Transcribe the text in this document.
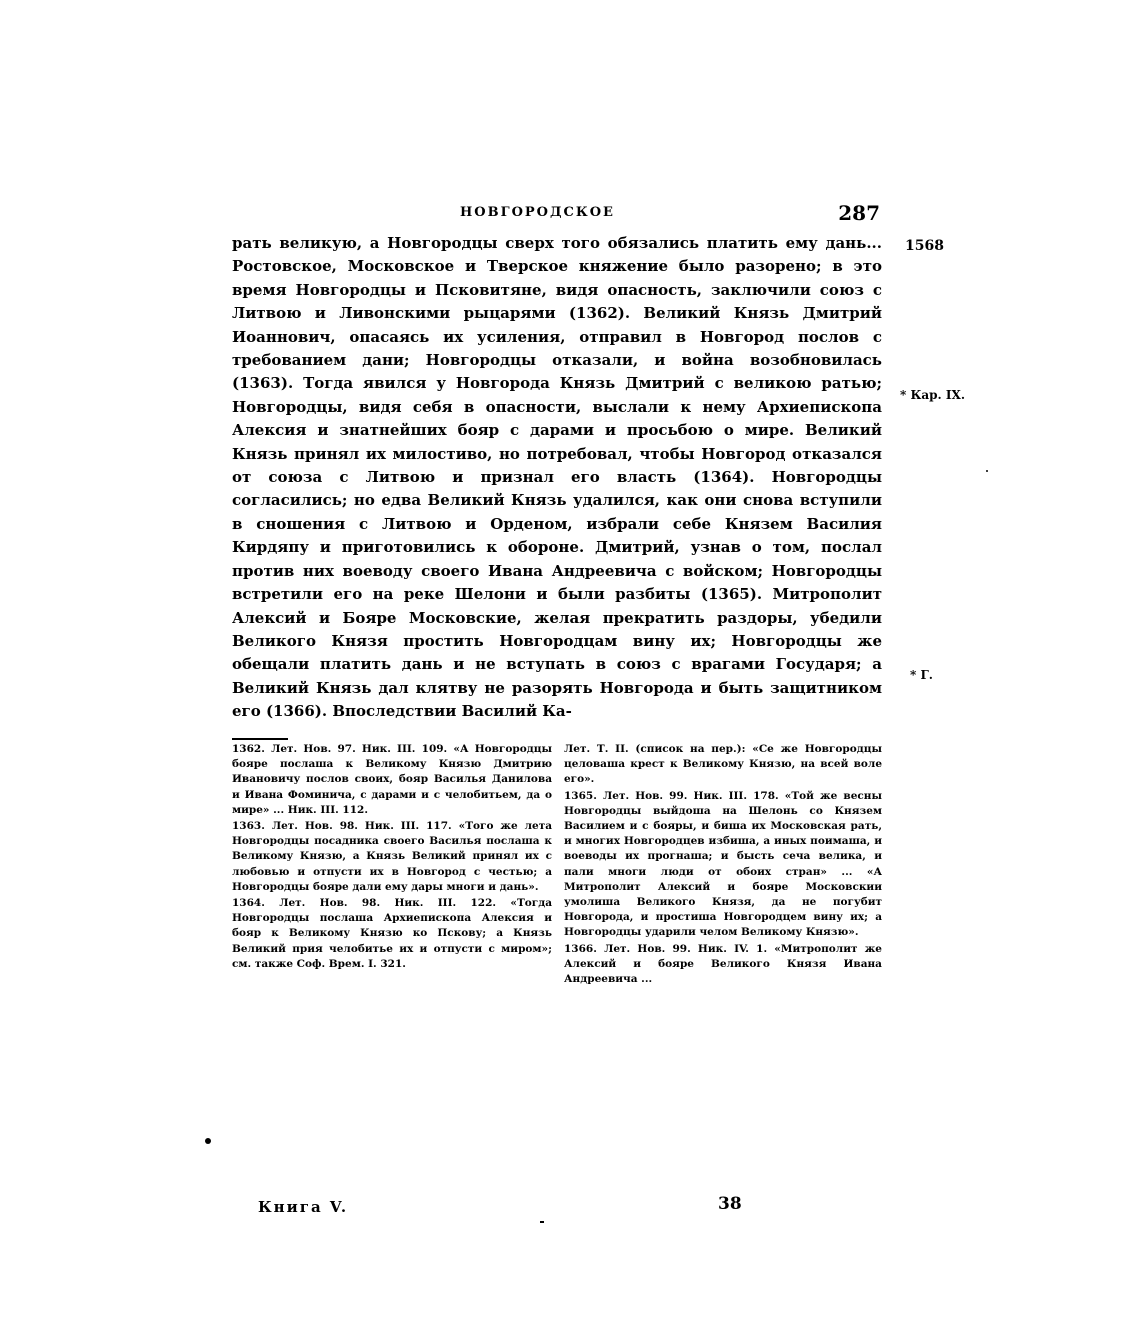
НОВГОРОДСКОЕ	287
1568
* Кар. IX.
* Г.

рать великую, а Новгородцы сверх того обязались платить ему дань... Ростовское, Московское и Тверское княжение было разорено; в это время Новгородцы и Псковитяне, видя опасность, заключили союз с Литвою и Ливонскими рыцарями (1362). Великий Князь Дмитрий Иоаннович, опасаясь их усиления, отправил в Новгород послов с требованием дани; Новгородцы отказали, и война возобновилась (1363). Тогда явился у Новгорода Князь Дмитрий с великою ратью; Новгородцы, видя себя в опасности, выслали к нему Архиепископа Алексия и знатнейших бояр с дарами и просьбою о мире. Великий Князь принял их милостиво, но потребовал, чтобы Новгород отказался от союза с Литвою и признал его власть (1364). Новгородцы согласились; но едва Великий Князь удалился, как они снова вступили в сношения с Литвою и Орденом, избрали себе Князем Василия Кирдяпу и приготовились к обороне. Дмитрий, узнав о том, послал против них воеводу своего Ивана Андреевича с войском; Новгородцы встретили его на реке Шелони и были разбиты (1365). Митрополит Алексий и Бояре Московские, желая прекратить раздоры, убедили Великого Князя простить Новгородцам вину их; Новгородцы же обещали платить дань и не вступать в союз с врагами Государя; а Великий Князь дал клятву не разорять Новгорода и быть защитником его (1366). Впоследствии Василий Ка-

1362. Лет. Нов. 97. Ник. III. 109. «А Новгородцы бояре послаша к Великому Князю Дмитрию Ивановичу послов своих, бояр Василья Данилова и Ивана Фоминича, с дарами и с челобитьем, да о мире» ... Ник. III. 112.

1363. Лет. Нов. 98. Ник. III. 117. «Того же лета Новгородцы посадника своего Василья послаша к Великому Князю, а Князь Великий принял их с любовью и отпусти их в Новгород с честью; а Новгородцы бояре дали ему дары многи и дань».

1364. Лет. Нов. 98. Ник. III. 122. «Тогда Новгородцы послаша Архиепископа Алексия и бояр к Великому Князю ко Пскову; а Князь Великий прия челобитье их и отпусти с миром»; см. также Соф. Врем. I. 321.

Лет. Т. II. (список на пер.): «Се же Новгородцы целоваша крест к Великому Князю, на всей воле его».

1365. Лет. Нов. 99. Ник. III. 178. «Той же весны Новгородцы выйдоша на Шелонь со Князем Василием и с бояры, и биша их Московская рать, и многих Новгородцев избиша, а иных поимаша, и воеводы их прогнаша; и бысть сеча велика, и пали многи люди от обоих стран» ... «А Митрополит Алексий и бояре Московскии умолиша Великого Князя, да не погубит Новгорода, и простиша Новгородцем вину их; а Новгородцы ударили челом Великому Князю».

1366. Лет. Нов. 99. Ник. IV. 1. «Митрополит же Алексий и бояре Великого Князя Ивана Андреевича ...

Книга V.	38
